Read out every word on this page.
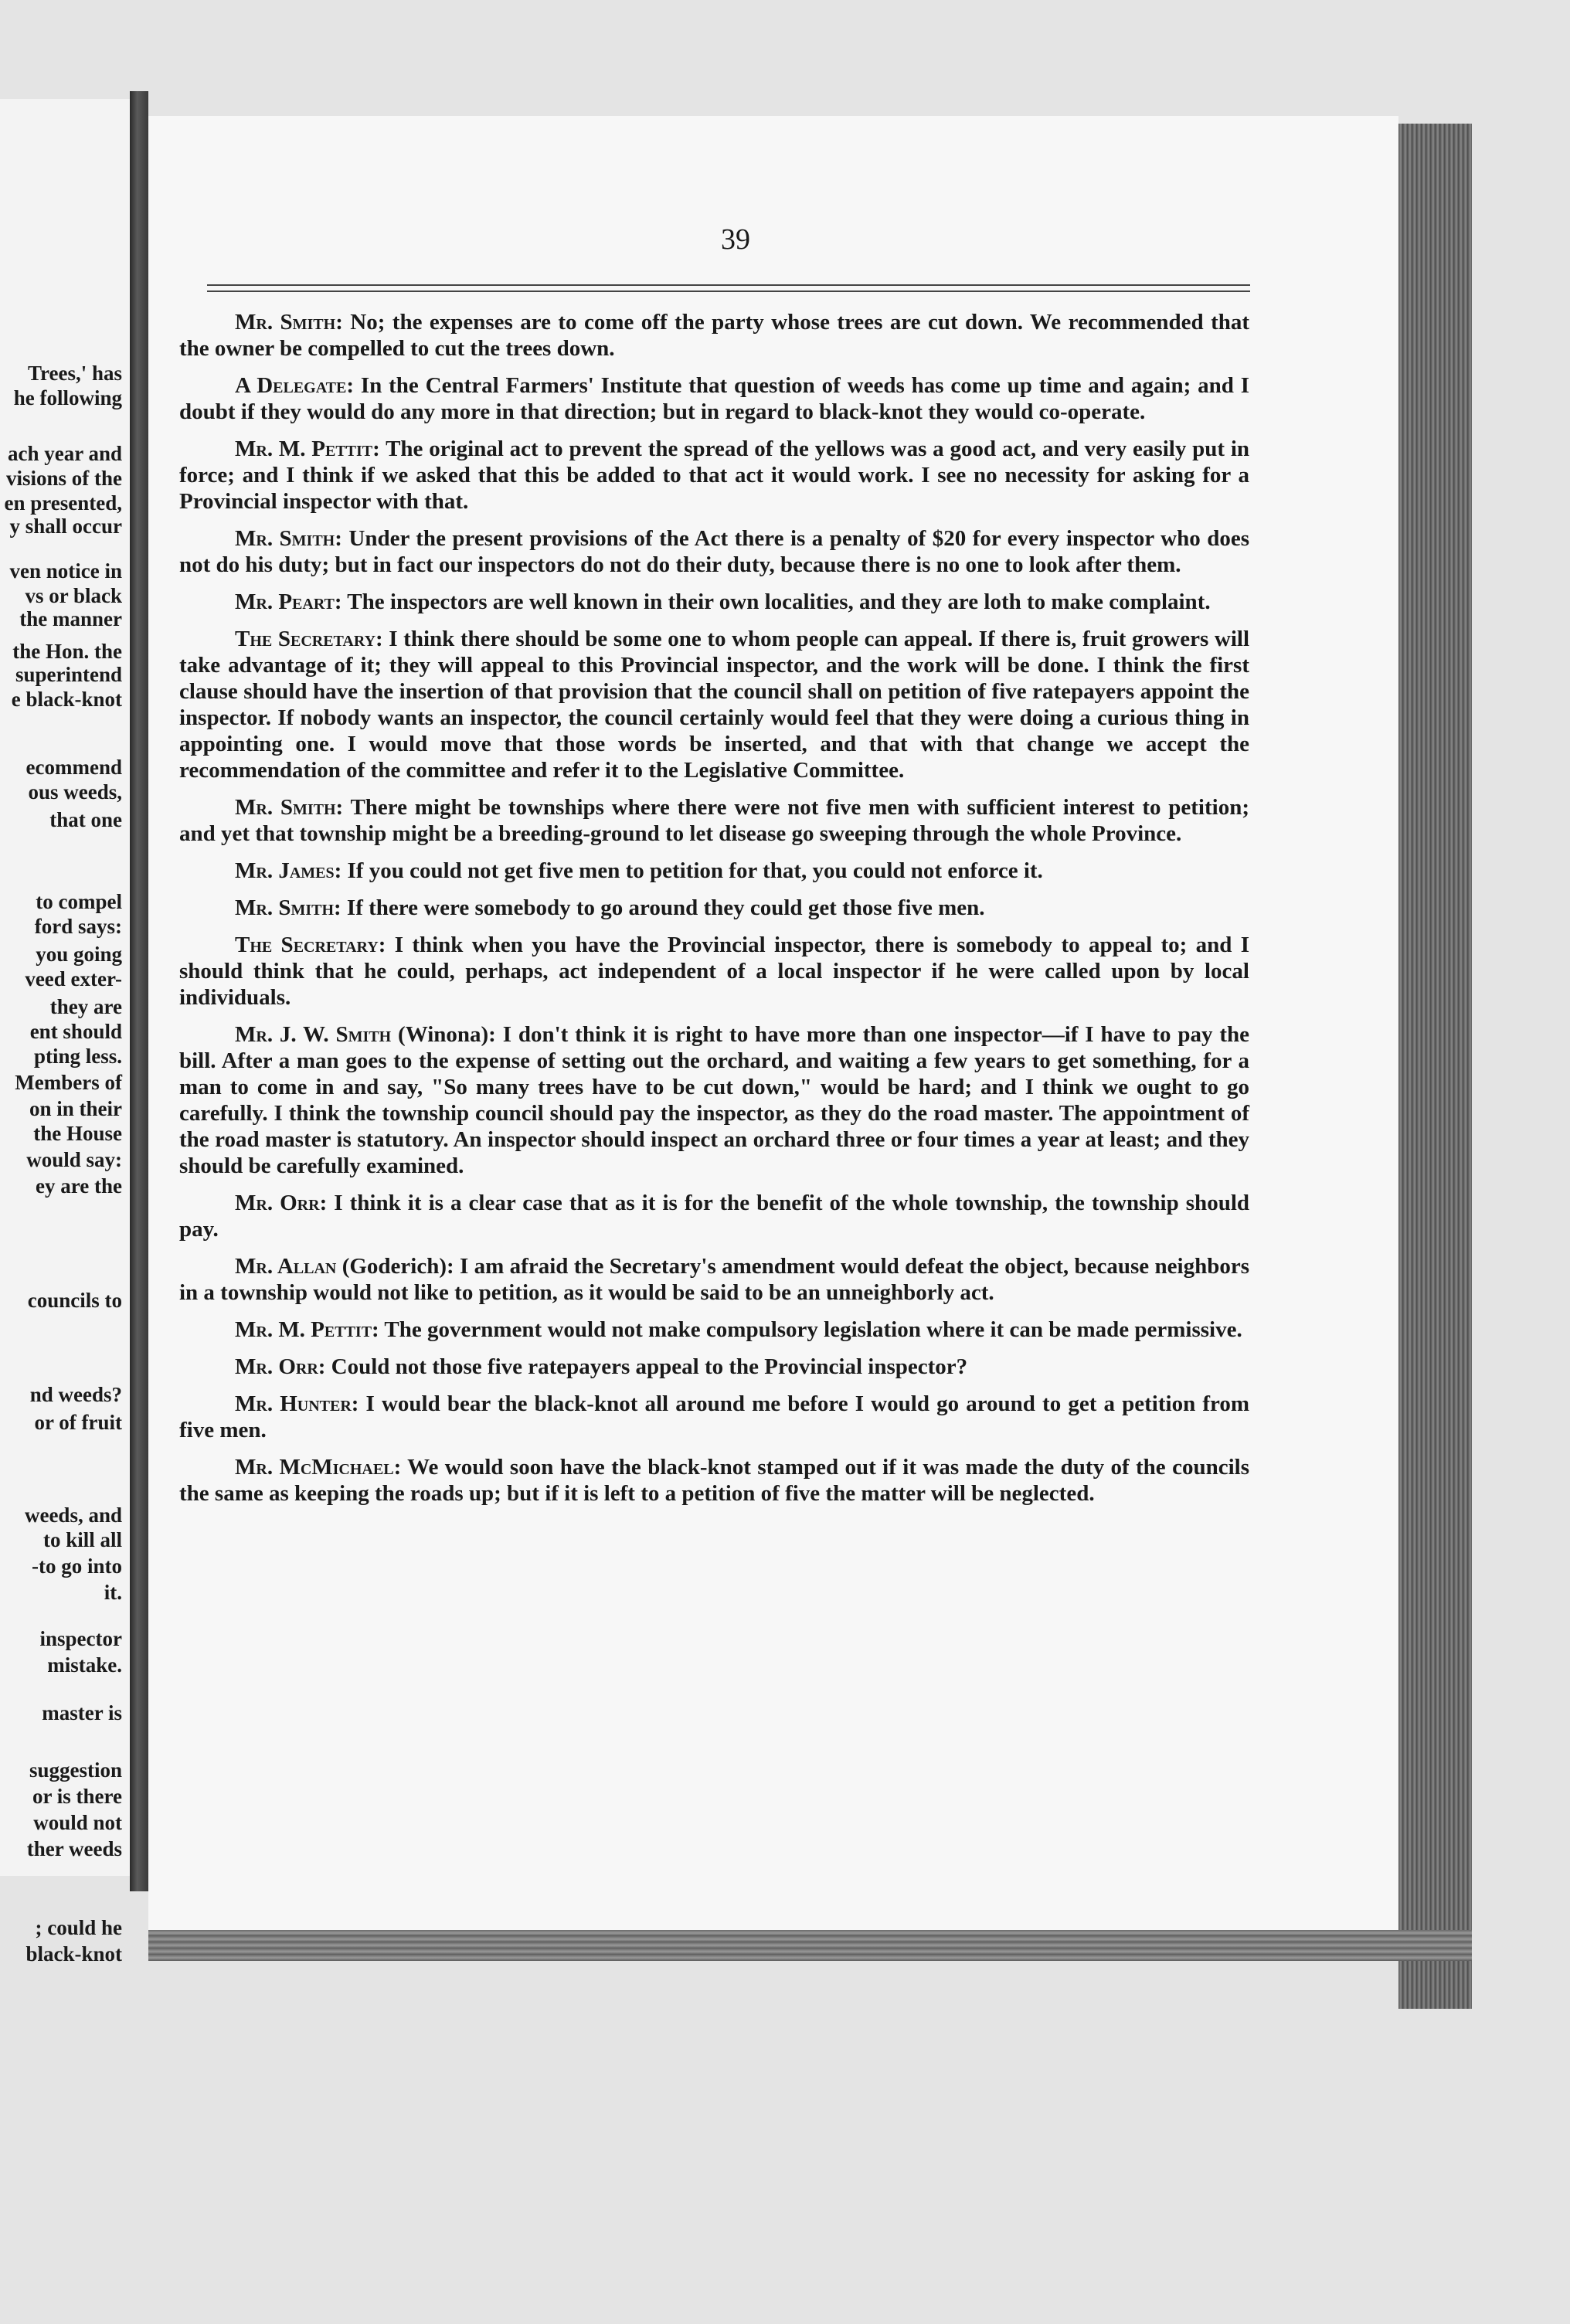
Trees,' has
he following
ach year and
visions of the
en presented,
y shall occur
ven notice in
vs or black
the manner
the Hon. the
superintend
e black-knot
ecommend
ous weeds,
that one
to compel
ford says:
you going
veed exter-
they are
ent should
pting less.
Members of
on in their
the House
would say:
ey are the
councils to
nd weeds?
or of fruit
weeds, and
to kill all
-to go into
it.
inspector
mistake.
master is
suggestion
or is there
would not
ther weeds
; could he
black-knot
39

Mr. Smith: No; the expenses are to come off the party whose trees are cut down. We recommended that the owner be compelled to cut the trees down.

A Delegate: In the Central Farmers' Institute that question of weeds has come up time and again; and I doubt if they would do any more in that direction; but in regard to black-knot they would co-operate.

Mr. M. Pettit: The original act to prevent the spread of the yellows was a good act, and very easily put in force; and I think if we asked that this be added to that act it would work. I see no necessity for asking for a Provincial inspector with that.

Mr. Smith: Under the present provisions of the Act there is a penalty of $20 for every inspector who does not do his duty; but in fact our inspectors do not do their duty, because there is no one to look after them.

Mr. Peart: The inspectors are well known in their own localities, and they are loth to make complaint.

The Secretary: I think there should be some one to whom people can appeal. If there is, fruit growers will take advantage of it; they will appeal to this Provincial inspector, and the work will be done. I think the first clause should have the insertion of that provision that the council shall on petition of five ratepayers appoint the inspector. If nobody wants an inspector, the council certainly would feel that they were doing a curious thing in appointing one. I would move that those words be inserted, and that with that change we accept the recommendation of the committee and refer it to the Legislative Committee.

Mr. Smith: There might be townships where there were not five men with sufficient interest to petition; and yet that township might be a breeding-ground to let disease go sweeping through the whole Province.

Mr. James: If you could not get five men to petition for that, you could not enforce it.

Mr. Smith: If there were somebody to go around they could get those five men.

The Secretary: I think when you have the Provincial inspector, there is somebody to appeal to; and I should think that he could, perhaps, act independent of a local inspector if he were called upon by local individuals.

Mr. J. W. Smith (Winona): I don't think it is right to have more than one inspector—if I have to pay the bill. After a man goes to the expense of setting out the orchard, and waiting a few years to get something, for a man to come in and say, "So many trees have to be cut down," would be hard; and I think we ought to go carefully. I think the township council should pay the inspector, as they do the road master. The appointment of the road master is statutory. An inspector should inspect an orchard three or four times a year at least; and they should be carefully examined.

Mr. Orr: I think it is a clear case that as it is for the benefit of the whole township, the township should pay.

Mr. Allan (Goderich): I am afraid the Secretary's amendment would defeat the object, because neighbors in a township would not like to petition, as it would be said to be an unneighborly act.

Mr. M. Pettit: The government would not make compulsory legislation where it can be made permissive.

Mr. Orr: Could not those five ratepayers appeal to the Provincial inspector?

Mr. Hunter: I would bear the black-knot all around me before I would go around to get a petition from five men.

Mr. McMichael: We would soon have the black-knot stamped out if it was made the duty of the councils the same as keeping the roads up; but if it is left to a petition of five the matter will be neglected.
